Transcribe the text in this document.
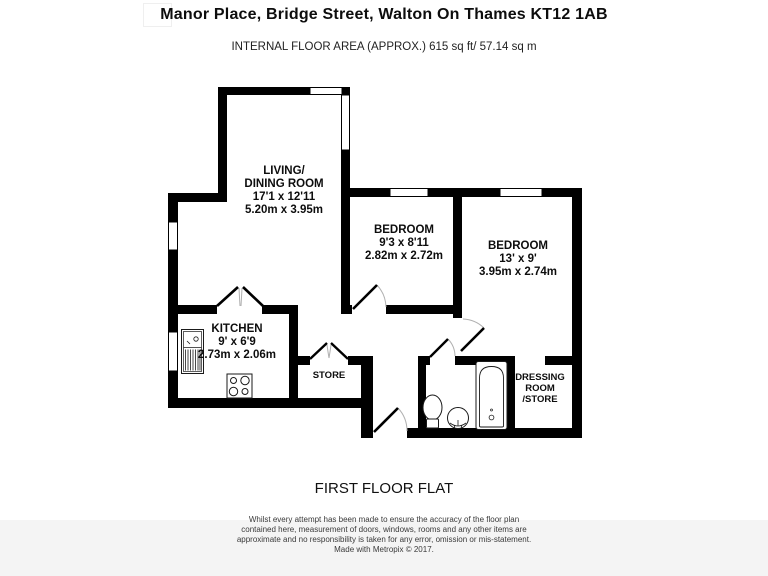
Manor Place, Bridge Street, Walton On Thames KT12 1AB
INTERNAL FLOOR AREA (APPROX.) 615 sq ft/ 57.14 sq m
LIVING/
DINING ROOM
17'1 x 12'11
5.20m x 3.95m
BEDROOM
9'3 x 8'11
2.82m x 2.72m
BEDROOM
13' x 9'
3.95m x 2.74m
KITCHEN
9' x 6'9
2.73m x 2.06m
STORE	DRESSING
ROOM
/STORE
FIRST FLOOR FLAT
Whilst every attempt has been made to ensure the accuracy of the floor plan
contained here, measurement of doors, windows, rooms and any other items are
approximate and no responsibility is taken for any error, omission or mis-statement.
Made with Metropix © 2017.
